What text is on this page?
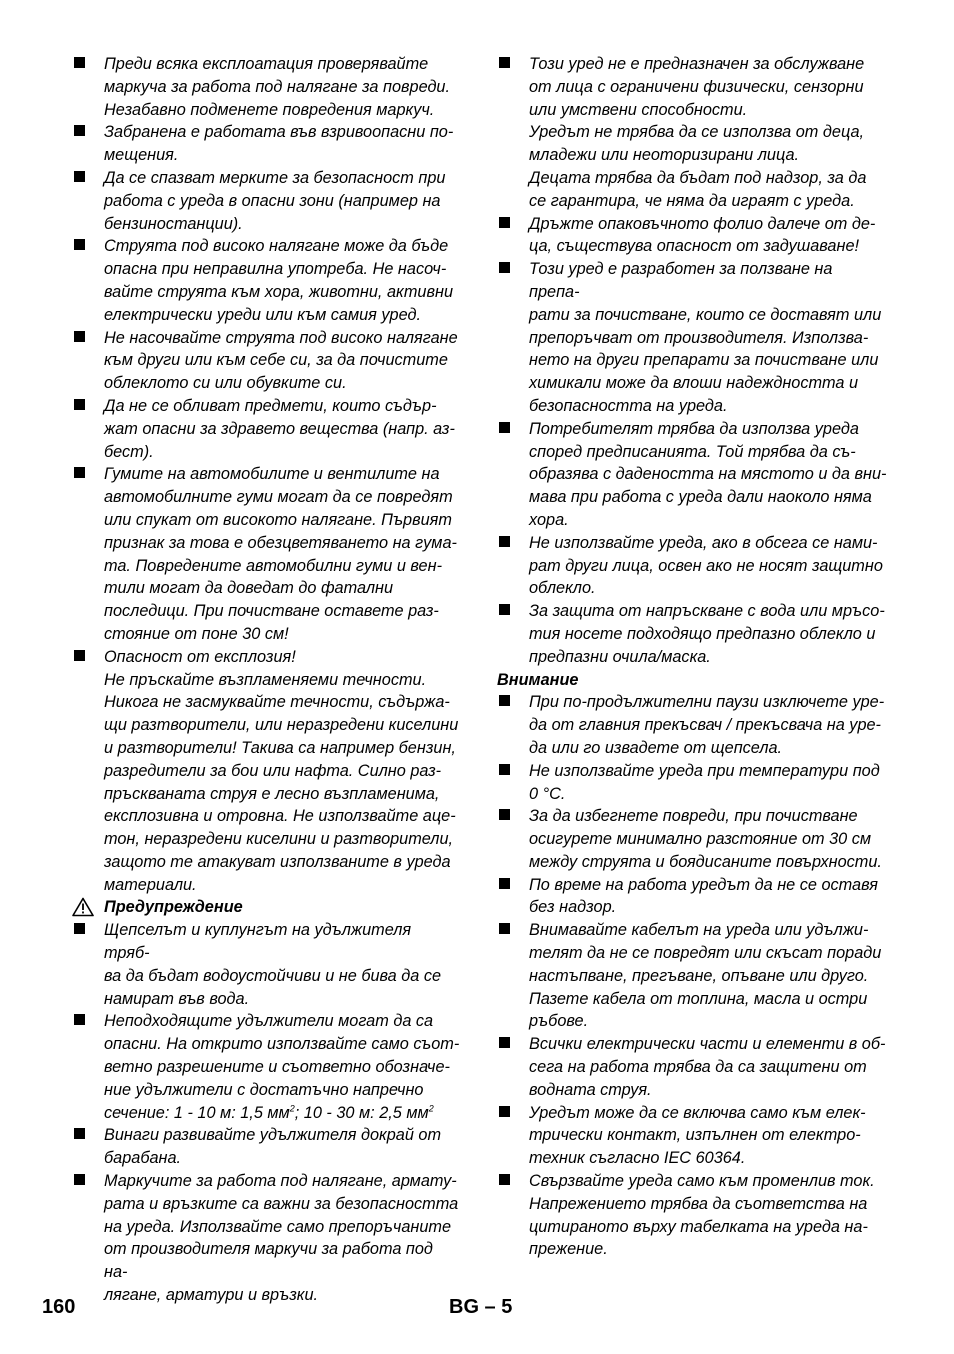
Преди всяка експлоатация проверявайте маркуча за работа под налягане за повреди. Незабавно подменете повредения маркуч.

Забранена е работата във взривоопасни по-
мещения.

Да се спазват мерките за безопасност при работа с уреда в опасни зони (например на бензиностанции).

Струята под високо налягане може да бъде опасна при неправилна употреба. Не насоч-
вайте струята към хора, животни, активни електрически уреди или към самия уред.

Не насочвайте струята под високо налягане към други или към себе си, за да почистите облеклото си или обувките си.

Да не се обливат предмети, които съдър-
жат опасни за здравето вещества (напр. аз-
бест).

Гумите на автомобилите и вентилите на автомобилните гуми могат да се повредят или спукат от високото налягане. Първият признак за това е обезцветяването на гума-
та. Повредените автомобилни гуми и вен-
тили могат да доведат до фатални последици. При почистване оставете раз-
стояние от поне 30 см!

Опасност от експлозия!
Не пръскайте възпламеняеми течности. Никога не засмуквайте течности, съдържа-
щи разтворители, или неразредени киселини и разтворители! Такива са например бензин, разредители за бои или нафта. Силно раз-
пръскваната струя е лесно възпламенима, експлозивна и отровна. Не използвайте аце-
тон, неразредени киселини и разтворители, защото те атакуват използваните в уреда материали.

Предупреждение

Щепселът и куплунгът на удължителя тряб-
ва да бъдат водоустойчиви и не бива да се намират във вода.

Неподходящите удължители могат да са опасни. На открито използвайте само съот-
ветно разрешените и съответно обозначе-
ние удължители с достатъчно напречно сечение: 1 - 10 м: 1,5 $мм^2$; 10 - 30 м: 2,5 $мм^2$

Винаги развивайте удължителя докрай от барабана.

Маркучите за работа под налягане, армату-
рата и връзките са важни за безопасността на уреда. Използвайте само препоръчаните от производителя маркучи за работа под на-
лягане, арматури и връзки.

Този уред не е предназначен за обслужване от лица с ограничени физически, сензорни или умствени способности.
Уредът не трябва да се използва от деца, младежи или неоторизирани лица.
Децата трябва да бъдат под надзор, за да се гарантира, че няма да играят с уреда.

Дръжте опаковъчното фолио далече от де-
ца, съществува опасност от задушаване!

Този уред е разработен за ползване на препа-
рати за почистване, които се доставят или препоръчват от производителя. Използва-
нето на други препарати за почистване или химикали може да влоши надеждността и безопасността на уреда.

Потребителят трябва да използва уреда според предписанията. Той трябва да съ-
образява с дадеността на мястото и да вни-
мава при работа с уреда дали наоколо няма хора.

Не използвайте уреда, ако в обсега се нами-
рат други лица, освен ако не носят защитно облекло.

За защита от напръскване с вода или мръсо-
тия носете подходящо предпазно облекло и предпазни очила/маска.

Внимание

При по-продължителни паузи изключете уре-
да от главния прекъсвач / прекъсвача на уре-
да или го извадете от щепсела.

Не използвайте уреда при температури под 0 °C.

За да избегнете повреди, при почистване осигурете минимално разстояние от 30 см между струята и боядисаните повърхности.

По време на работа уредът да не се оставя без надзор.

Внимавайте кабелът на уреда или удължи-
телят да не се повредят или скъсат поради настъпване, прегъване, опъване или друго. Пазете кабела от топлина, масла и остри ръбове.

Всички електрически части и елементи в об-
сега на работа трябва да са защитени от водната струя.

Уредът може да се включва само към елек-
трически контакт, изпълнен от електро-
техник съгласно IEC 60364.

Свързвайте уреда само към променлив ток. Напрежението трябва да съответства на цитираното върху табелката на уреда на-
прежение.

160	BG – 5
